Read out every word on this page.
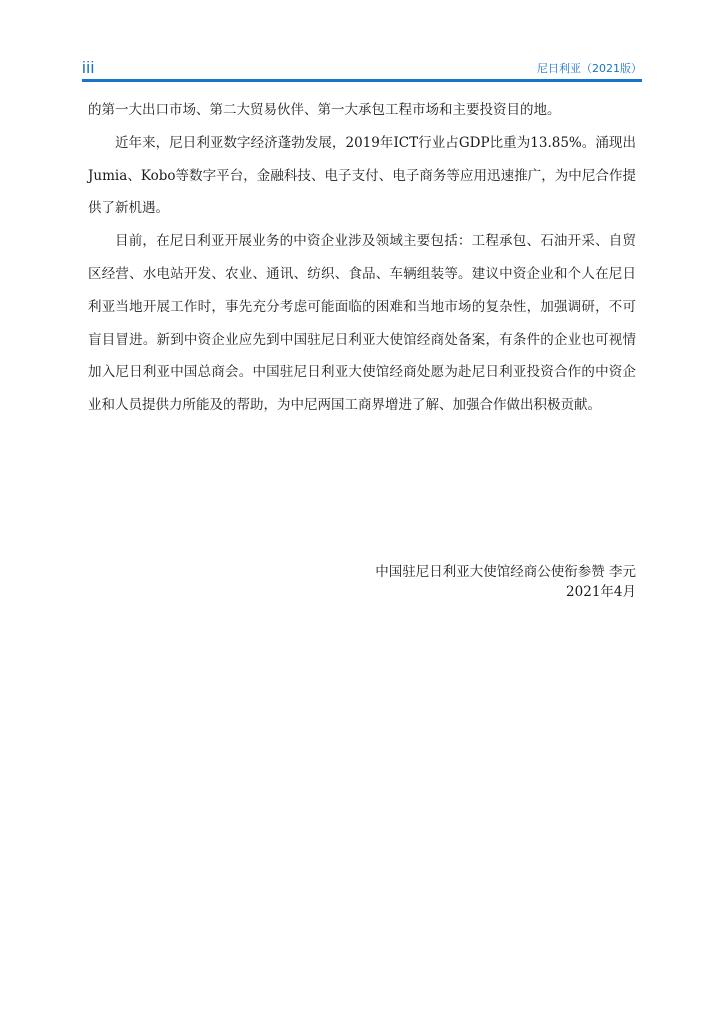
iii	尼日利亚（2021版）

的第一大出口市场、第二大贸易伙伴、第一大承包工程市场和主要投资目的地。

近年来，尼日利亚数字经济蓬勃发展，2019年ICT行业占GDP比重为13.85%。涌现出Jumia、Kobo等数字平台，金融科技、电子支付、电子商务等应用迅速推广，为中尼合作提供了新机遇。

目前，在尼日利亚开展业务的中资企业涉及领域主要包括：工程承包、石油开采、自贸区经营、水电站开发、农业、通讯、纺织、食品、车辆组装等。建议中资企业和个人在尼日利亚当地开展工作时，事先充分考虑可能面临的困难和当地市场的复杂性，加强调研，不可盲目冒进。新到中资企业应先到中国驻尼日利亚大使馆经商处备案，有条件的企业也可视情加入尼日利亚中国总商会。中国驻尼日利亚大使馆经商处愿为赴尼日利亚投资合作的中资企业和人员提供力所能及的帮助，为中尼两国工商界增进了解、加强合作做出积极贡献。

中国驻尼日利亚大使馆经商公使衔参赞 李元
2021年4月
